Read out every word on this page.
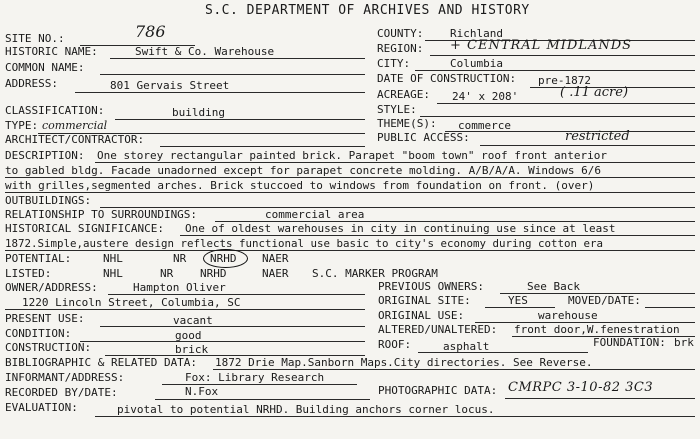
S.C. DEPARTMENT OF ARCHIVES AND HISTORY
SITE NO.:	786
HISTORIC NAME:	Swift & Co. Warehouse
COMMON NAME:
ADDRESS:	801 Gervais Street
COUNTY: Richland
REGION: + CENTRAL MIDLANDS
CITY:	Columbia
DATE OF CONSTRUCTION: pre-1872
ACREAGE: 24' x 208'	( .11 acre)
STYLE:
THEME(S): commerce
PUBLIC ACCESS:	restricted
CLASSIFICATION:	building
TYPE: commercial
ARCHITECT/CONTRACTOR:
DESCRIPTION: One storey rectangular painted brick. Parapet "boom town" roof front anterior
to gabled bldg. Facade unadorned except for parapet concrete molding. A/B/A/A. Windows 6/6
with grilles,segmented arches. Brick stuccoed to windows from foundation on front. (over)
OUTBUILDINGS:
RELATIONSHIP TO SURROUNDINGS:	commercial area
HISTORICAL SIGNIFICANCE: One of oldest warehouses in city in continuing use since at least
1872.Simple,austere design reflects functional use basic to city's economy during cotton era
POTENTIAL:	NHL	NR NRHD NAER
LISTED:	NHL	NR NRHD	NAER S.C. MARKER PROGRAM
OWNER/ADDRESS:	Hampton Oliver
1220 Lincoln Street, Columbia, SC
PREVIOUS OWNERS:	See Back
ORIGINAL SITE:	YES	MOVED/DATE:
ORIGINAL USE:	warehouse
ALTERED/UNALTERED: front door,W.fenestration
ROOF:	asphalt	FOUNDATION: brk
PRESENT USE:	vacant
CONDITION:	good
CONSTRUCTION:	brick
BIBLIOGRAPHIC & RELATED DATA: 1872 Drie Map.Sanborn Maps.City directories. See Reverse.
INFORMANT/ADDRESS:	Fox: Library Research
RECORDED BY/DATE:	N.Fox	PHOTOGRAPHIC DATA: CMRPC 3-10-82 3C3
EVALUATION:	pivotal to potential NRHD. Building anchors corner locus.
